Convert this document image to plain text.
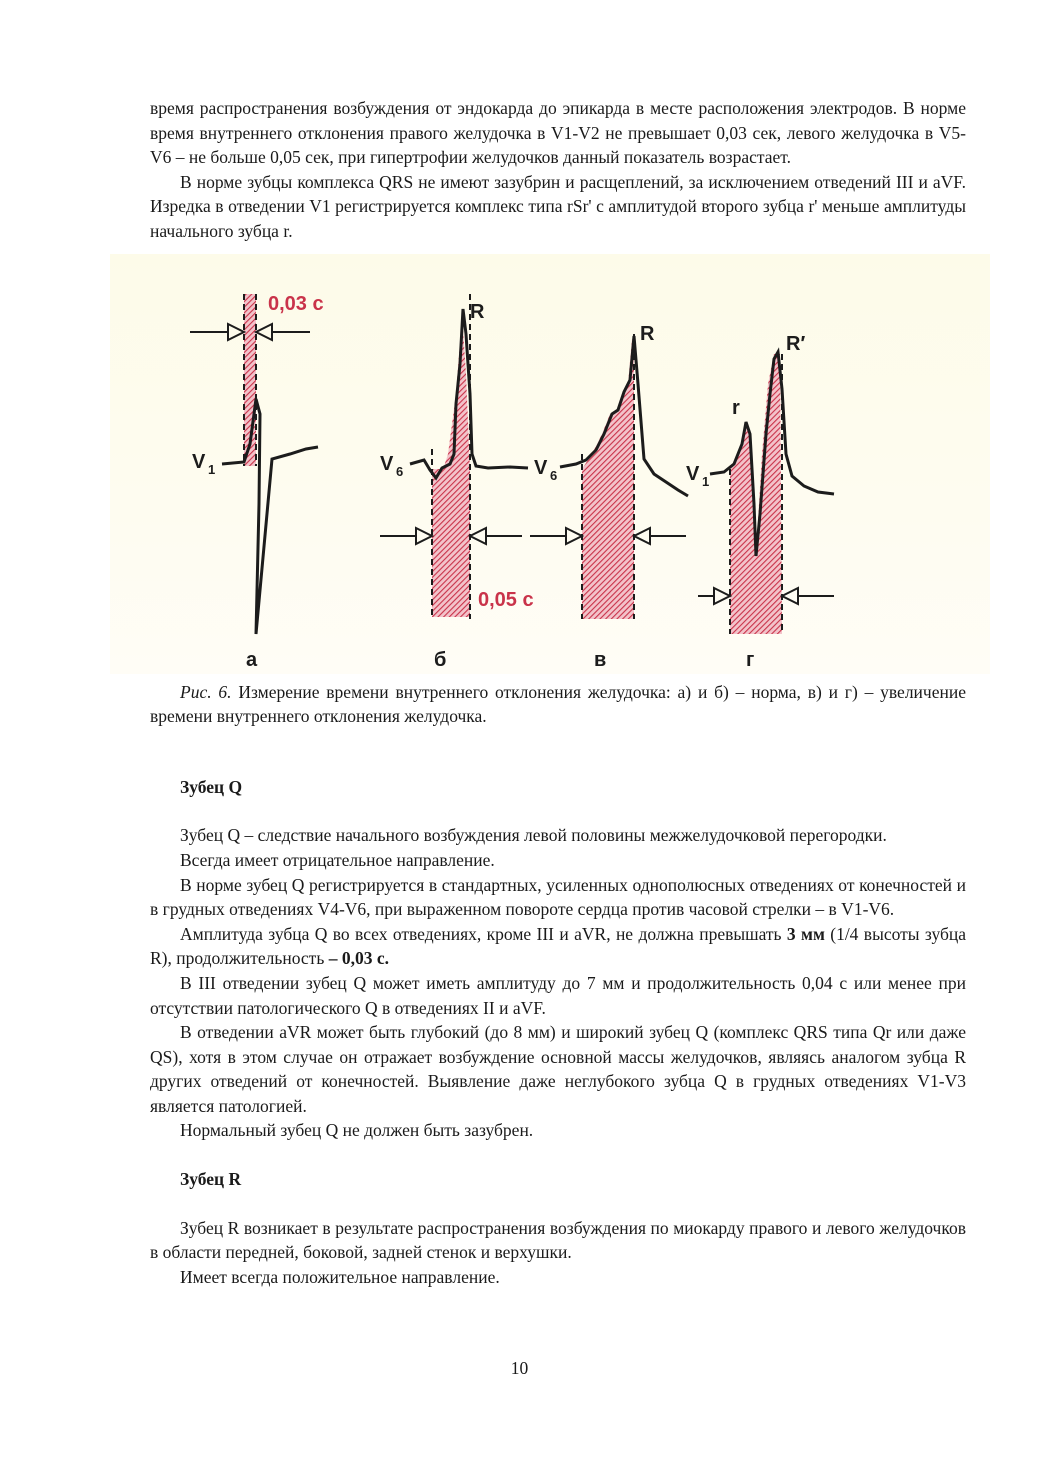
время распространения возбуждения от эндокарда до эпикарда в месте расположения электродов. В норме время внутреннего отклонения правого желудочка в V1-V2 не превышает 0,03 сек, левого желудочка в V5-V6 – не больше 0,05 сек, при гипертрофии желудочков данный показатель возрастает.

В норме зубцы комплекса QRS не имеют зазубрин и расщеплений, за исключением отведений III и aVF. Изредка в отведении V1 регистрируется комплекс типа rSr' с амплитудой второго зубца r' меньше амплитуды начального зубца r.

0,03 с
V 1
а
R
V 6
0,05 с
б
R
V 6
в
R′
r
V 1
г

Рис. 6. Измерение времени внутреннего отклонения желудочка: а) и б) – норма, в) и г) – увеличение времени внутреннего отклонения желудочка.

Зубец Q

Зубец Q – следствие начального возбуждения левой половины межжелудочковой перегородки.

Всегда имеет отрицательное направление.

В норме зубец Q регистрируется в стандартных, усиленных однополюсных отведениях от конечностей и в грудных отведениях V4-V6, при выраженном повороте сердца против часовой стрелки – в V1-V6.

Амплитуда зубца Q во всех отведениях, кроме III и aVR, не должна превышать 3 мм (1/4 высоты зубца R), продолжительность – 0,03 с.

В III отведении зубец Q может иметь амплитуду до 7 мм и продолжительность 0,04 с или менее при отсутствии патологического Q в отведениях II и aVF.

В отведении aVR может быть глубокий (до 8 мм) и широкий зубец Q (комплекс QRS типа Qr или даже QS), хотя в этом случае он отражает возбуждение основной массы желудочков, являясь аналогом зубца R других отведений от конечностей. Выявление даже неглубокого зубца Q в грудных отведениях V1-V3 является патологией.

Нормальный зубец Q не должен быть зазубрен.

Зубец R

Зубец R возникает в результате распространения возбуждения по миокарду правого и левого желудочков в области передней, боковой, задней стенок и верхушки.

Имеет всегда положительное направление.

10
